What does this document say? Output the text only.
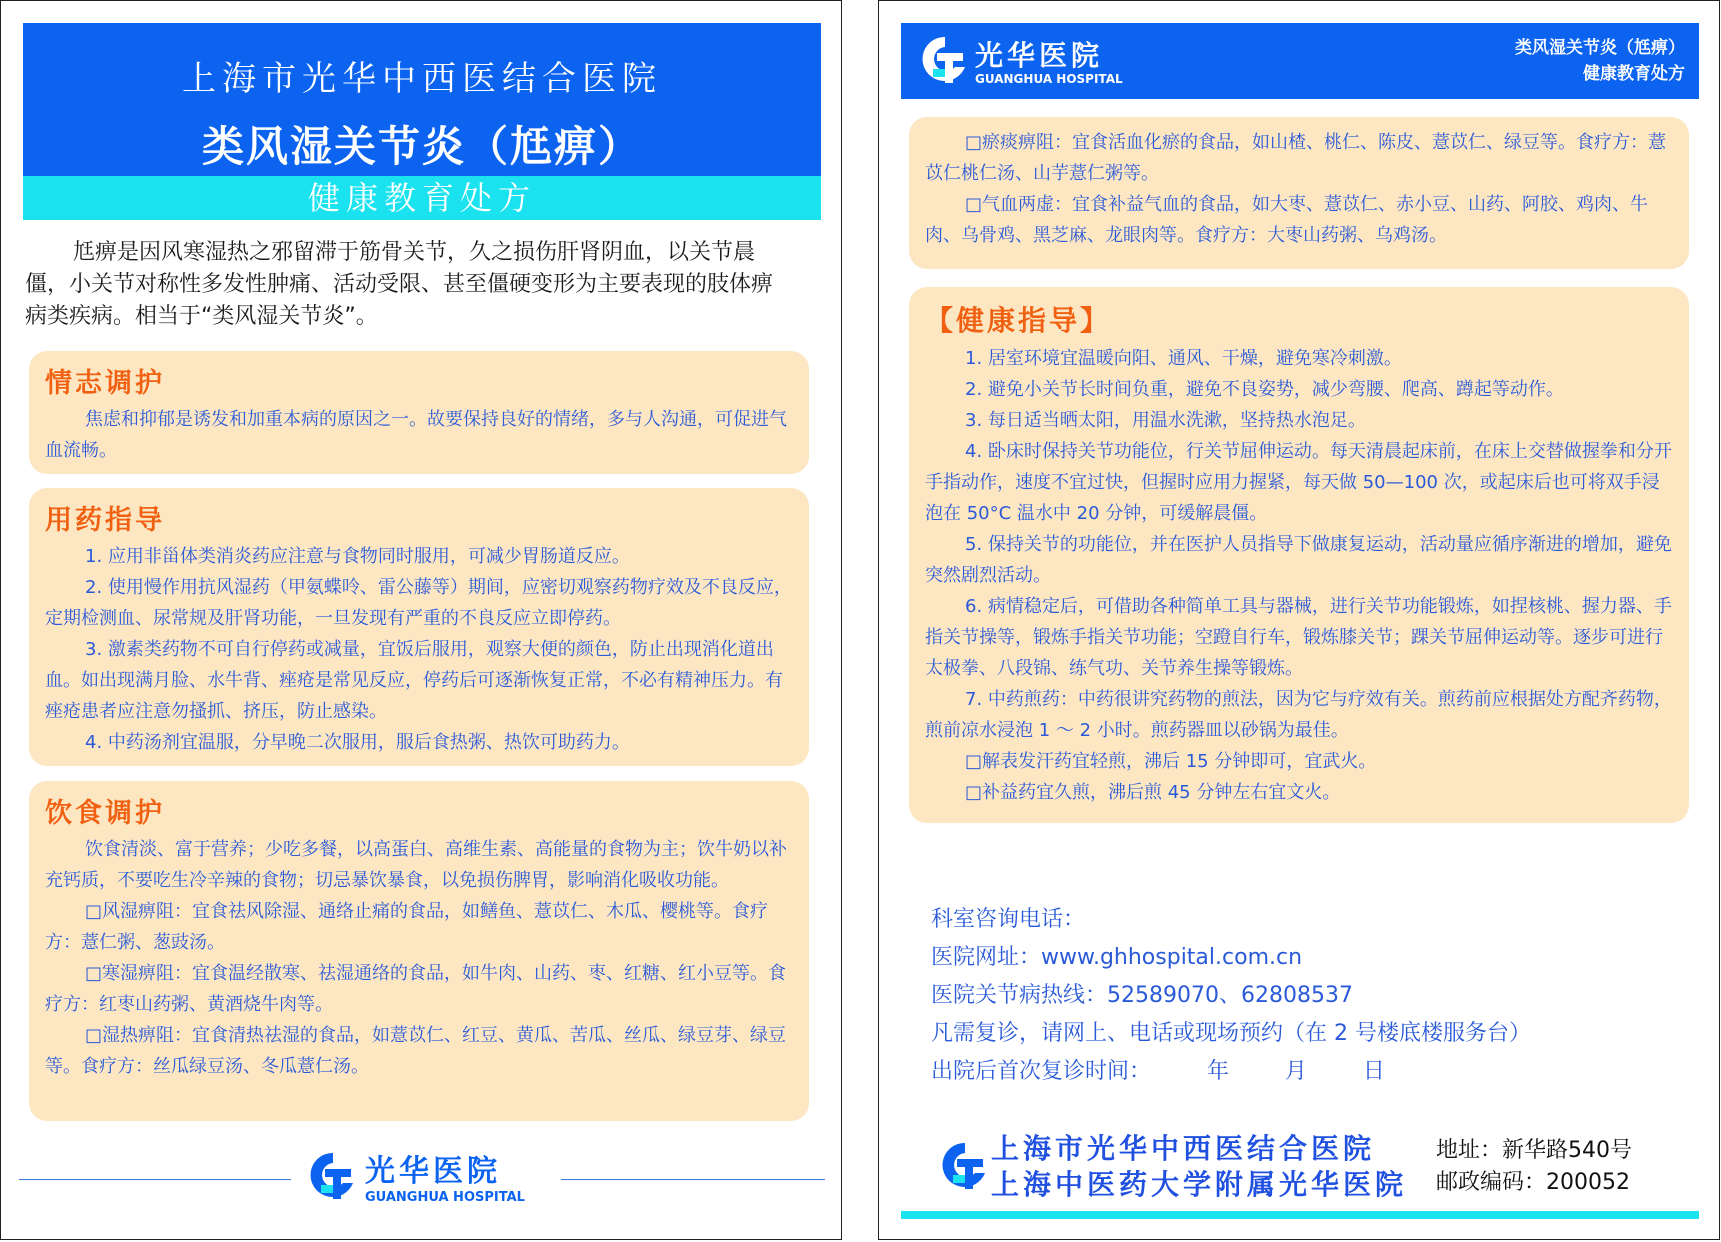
上海市光华中西医结合医院
类风湿关节炎（尪痹）
健康教育处方
尪痹是因风寒湿热之邪留滞于筋骨关节，久之损伤肝肾阴血，以关节晨僵，小关节对称性多发性肿痛、活动受限、甚至僵硬变形为主要表现的肢体痹病类疾病。相当于“类风湿关节炎”。
情志调护

焦虑和抑郁是诱发和加重本病的原因之一。故要保持良好的情绪，多与人沟通，可促进气血流畅。

用药指导

1. 应用非甾体类消炎药应注意与食物同时服用，可减少胃肠道反应。

2. 使用慢作用抗风湿药（甲氨蝶呤、雷公藤等）期间，应密切观察药物疗效及不良反应，定期检测血、尿常规及肝肾功能，一旦发现有严重的不良反应立即停药。

3. 激素类药物不可自行停药或减量，宜饭后服用，观察大便的颜色，防止出现消化道出血。如出现满月脸、水牛背、痤疮是常见反应，停药后可逐渐恢复正常，不必有精神压力。有痤疮患者应注意勿搔抓、挤压，防止感染。

4. 中药汤剂宜温服，分早晚二次服用，服后食热粥、热饮可助药力。

饮食调护

饮食清淡、富于营养；少吃多餐，以高蛋白、高维生素、高能量的食物为主；饮牛奶以补充钙质，不要吃生冷辛辣的食物；切忌暴饮暴食，以免损伤脾胃，影响消化吸收功能。

□风湿痹阻：宜食祛风除湿、通络止痛的食品，如鳝鱼、薏苡仁、木瓜、樱桃等。食疗方：薏仁粥、葱豉汤。

□寒湿痹阻：宜食温经散寒、祛湿通络的食品，如牛肉、山药、枣、红糖、红小豆等。食疗方：红枣山药粥、黄酒烧牛肉等。

□湿热痹阻：宜食清热祛湿的食品，如薏苡仁、红豆、黄瓜、苦瓜、丝瓜、绿豆芽、绿豆 等。食疗方：丝瓜绿豆汤、冬瓜薏仁汤。

光华医院
GUANGHUA HOSPITAL
光华医院
GUANGHUA HOSPITAL
类风湿关节炎（尪痹）
健康教育处方

□瘀痰痹阻：宜食活血化瘀的食品，如山楂、桃仁、陈皮、薏苡仁、绿豆等。食疗方：薏苡仁桃仁汤、山芋薏仁粥等。

□气血两虚：宜食补益气血的食品，如大枣、薏苡仁、赤小豆、山药、阿胶、鸡肉、牛肉、乌骨鸡、黑芝麻、龙眼肉等。食疗方：大枣山药粥、乌鸡汤。

【健康指导】

1. 居室环境宜温暖向阳、通风、干燥，避免寒冷刺激。

2. 避免小关节长时间负重，避免不良姿势，减少弯腰、爬高、蹲起等动作。

3. 每日适当晒太阳，用温水洗漱，坚持热水泡足。

4. 卧床时保持关节功能位，行关节屈伸运动。每天清晨起床前，在床上交替做握拳和分开手指动作，速度不宜过快，但握时应用力握紧，每天做 50—100 次，或起床后也可将双手浸泡在 50°C 温水中 20 分钟，可缓解晨僵。

5. 保持关节的功能位，并在医护人员指导下做康复运动，活动量应循序渐进的增加，避免突然剧烈活动。

6. 病情稳定后，可借助各种简单工具与器械，进行关节功能锻炼，如捏核桃、握力器、手指关节操等，锻炼手指关节功能；空蹬自行车，锻炼膝关节；踝关节屈伸运动等。逐步可进行太极拳、八段锦、练气功、关节养生操等锻炼。

7. 中药煎药：中药很讲究药物的煎法，因为它与疗效有关。煎药前应根据处方配齐药物，煎前凉水浸泡 1 ～ 2 小时。煎药器皿以砂锅为最佳。

□解表发汗药宜轻煎，沸后 15 分钟即可，宜武火。

□补益药宜久煎，沸后煎 45 分钟左右宜文火。

科室咨询电话：
医院网址：www.ghhospital.com.cn
医院关节病热线：52589070、62808537
凡需复诊，请网上、电话或现场预约（在 2 号楼底楼服务台）
出院后首次复诊时间：        年        月        日
上海市光华中西医结合医院
上海中医药大学附属光华医院
地址：新华路540号
邮政编码：200052
